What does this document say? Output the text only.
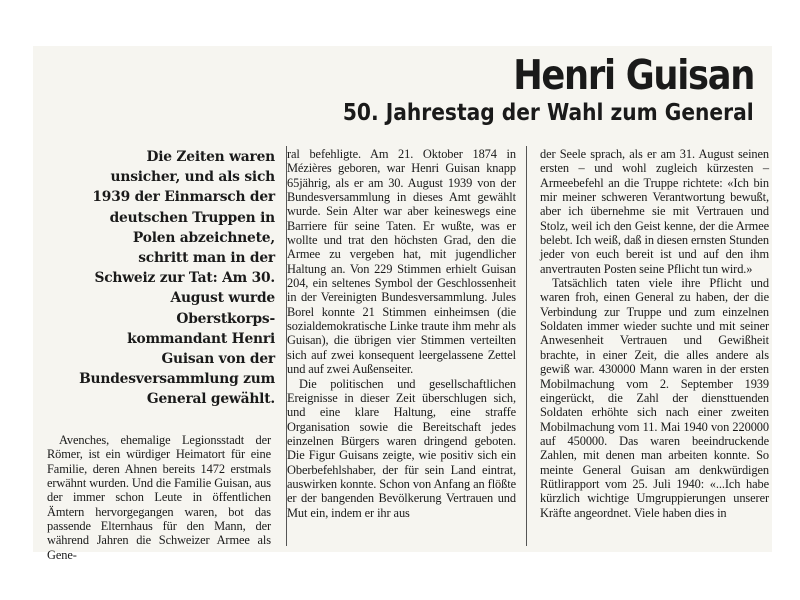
Henri Guisan
50. Jahrestag der Wahl zum General

Die Zeiten waren unsicher, und als sich 1939 der Einmarsch der deutschen Truppen in Polen abzeichnete, schritt man in der Schweiz zur Tat: Am 30. August wurde Oberstkorps-kommandant Henri Guisan von der Bundesversammlung zum General gewählt.

Avenches, ehemalige Legionsstadt der Römer, ist ein würdiger Heimatort für eine Familie, deren Ahnen bereits 1472 erstmals erwähnt wurden. Und die Familie Guisan, aus der immer schon Leute in öffentlichen Ämtern hervorgegangen waren, bot das passende Elternhaus für den Mann, der während Jahren die Schweizer Armee als Gene-

ral befehligte. Am 21. Oktober 1874 in Mézières geboren, war Henri Guisan knapp 65jährig, als er am 30. August 1939 von der Bundesversammlung in dieses Amt gewählt wurde. Sein Alter war aber keineswegs eine Barriere für seine Taten. Er wußte, was er wollte und trat den höchsten Grad, den die Armee zu vergeben hat, mit jugendlicher Haltung an. Von 229 Stimmen erhielt Guisan 204, ein seltenes Symbol der Geschlossenheit in der Vereinigten Bundesversammlung. Jules Borel konnte 21 Stimmen einheimsen (die sozialdemokratische Linke traute ihm mehr als Guisan), die übrigen vier Stimmen verteilten sich auf zwei konsequent leergelassene Zettel und auf zwei Außenseiter.

Die politischen und gesellschaftlichen Ereignisse in dieser Zeit überschlugen sich, und eine klare Haltung, eine straffe Organisation sowie die Bereitschaft jedes einzelnen Bürgers waren dringend geboten. Die Figur Guisans zeigte, wie positiv sich ein Oberbefehlshaber, der für sein Land eintrat, auswirken konnte. Schon von Anfang an flößte er der bangenden Bevölkerung Vertrauen und Mut ein, indem er ihr aus

der Seele sprach, als er am 31. August seinen ersten – und wohl zugleich kürzesten – Armeebefehl an die Truppe richtete: «Ich bin mir meiner schweren Verantwortung bewußt, aber ich übernehme sie mit Vertrauen und Stolz, weil ich den Geist kenne, der die Armee belebt. Ich weiß, daß in diesen ernsten Stunden jeder von euch bereit ist und auf den ihm anvertrauten Posten seine Pflicht tun wird.»

Tatsächlich taten viele ihre Pflicht und waren froh, einen General zu haben, der die Verbindung zur Truppe und zum einzelnen Soldaten immer wieder suchte und mit seiner Anwesenheit Vertrauen und Gewißheit brachte, in einer Zeit, die alles andere als gewiß war. 430000 Mann waren in der ersten Mobilmachung vom 2. September 1939 eingerückt, die Zahl der diensttuenden Soldaten erhöhte sich nach einer zweiten Mobilmachung vom 11. Mai 1940 von 220000 auf 450000. Das waren beeindruckende Zahlen, mit denen man arbeiten konnte. So meinte General Guisan am denkwürdigen Rütlirapport vom 25. Juli 1940: «...Ich habe kürzlich wichtige Umgruppierungen unserer Kräfte angeordnet. Viele haben dies in
